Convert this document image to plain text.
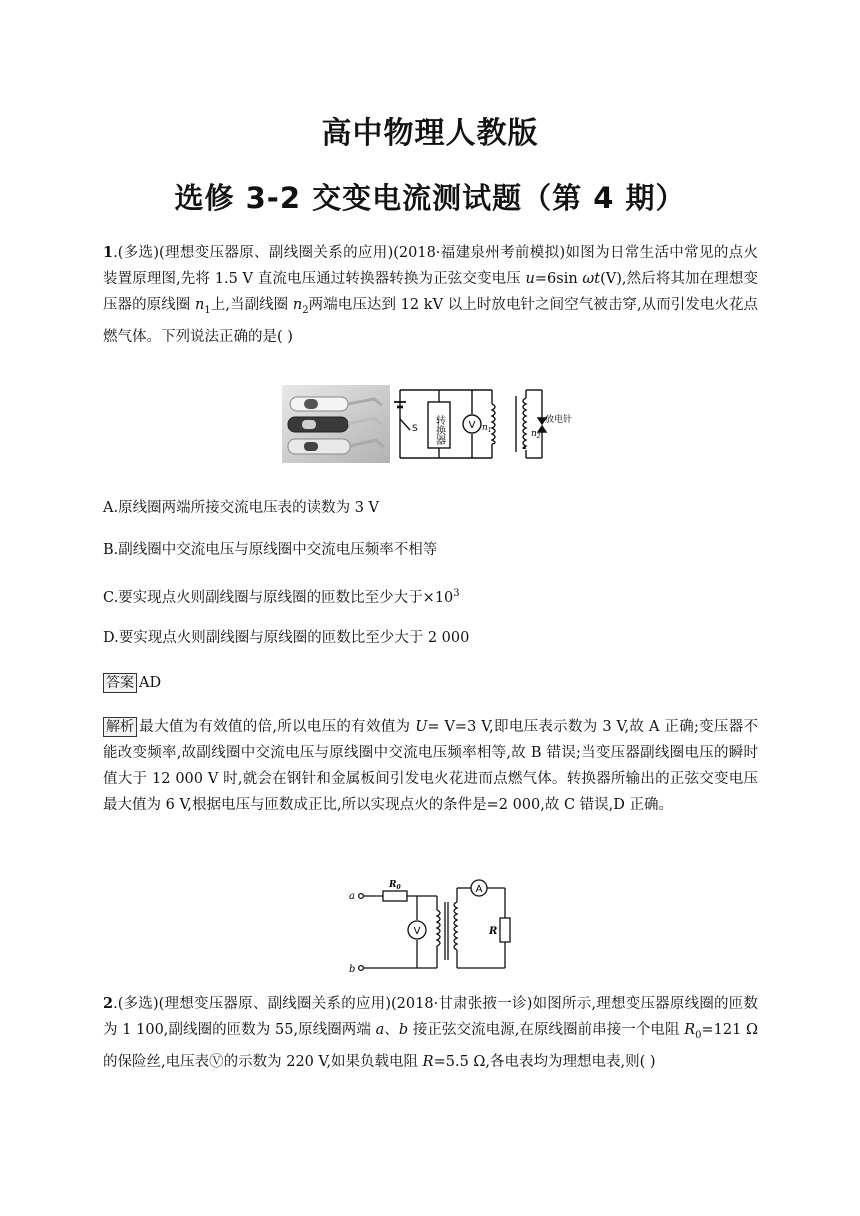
高中物理人教版
选修 3-2 交变电流测试题（第 4 期）
1.(多选)(理想变压器原、副线圈关系的应用)(2018·福建泉州考前模拟)如图为日常生活中常见的点火装置原理图,先将 1.5 V 直流电压通过转换器转换为正弦交变电压 u=6sin ωt(V),然后将其加在理想变压器的原线圈 $n_1$上,当副线圈 $n_2$两端电压达到 12 kV 以上时放电针之间空气被击穿,从而引发电火花点燃气体。下列说法正确的是( )
S 转换器 V $n_1$	$n_2$
放电针
A.原线圈两端所接交流电压表的读数为 3 V
B.副线圈中交流电压与原线圈中交流电压频率不相等
C.要实现点火则副线圈与原线圈的匝数比至少大于$\times 10^3$
D.要实现点火则副线圈与原线圈的匝数比至少大于 2 000
答案 AD
解析 最大值为有效值的倍,所以电压的有效值为 U= V=3 V,即电压表示数为 3 V,故 A 正确;变压器不能改变频率,故副线圈中交流电压与原线圈中交流电压频率相等,故 B 错误;当变压器副线圈电压的瞬时值大于 12 000 V 时,就会在钢针和金属板间引发电火花进而点燃气体。转换器所输出的正弦交变电压最大值为 6 V,根据电压与匝数成正比,所以实现点火的条件是=2 000,故 C 错误,D 正确。
a
b
$R_0$
V
A
R
2.(多选)(理想变压器原、副线圈关系的应用)(2018·甘肃张掖一诊)如图所示,理想变压器原线圈的匝数为 1 100,副线圈的匝数为 55,原线圈两端 a、b 接正弦交流电源,在原线圈前串接一个电阻 $R_0=121$ Ω 的保险丝,电压表Ⓥ的示数为 220 V,如果负载电阻 R=5.5 Ω,各电表均为理想电表,则( )
